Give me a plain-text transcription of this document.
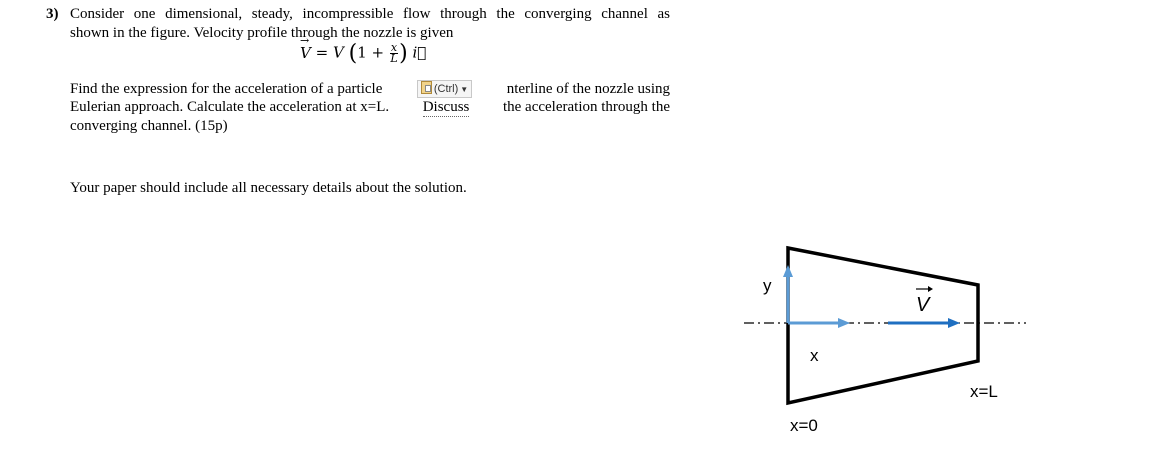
3) Consider one dimensional, steady, incompressible flow through the converging channel as
shown in the figure. Velocity profile through the nozzle is given
→ V = V ($1 + \frac{x}{L}$ ) i⃗
Find the expression for the acceleration of a particle	(Ctrl) ▼	nterline of the nozzle using
Eulerian approach. Calculate the acceleration at x=L. Discuss the acceleration through the
converging channel. (15p)
Your paper should include all necessary details about the solution.
y
x
V
x=0
x=L
